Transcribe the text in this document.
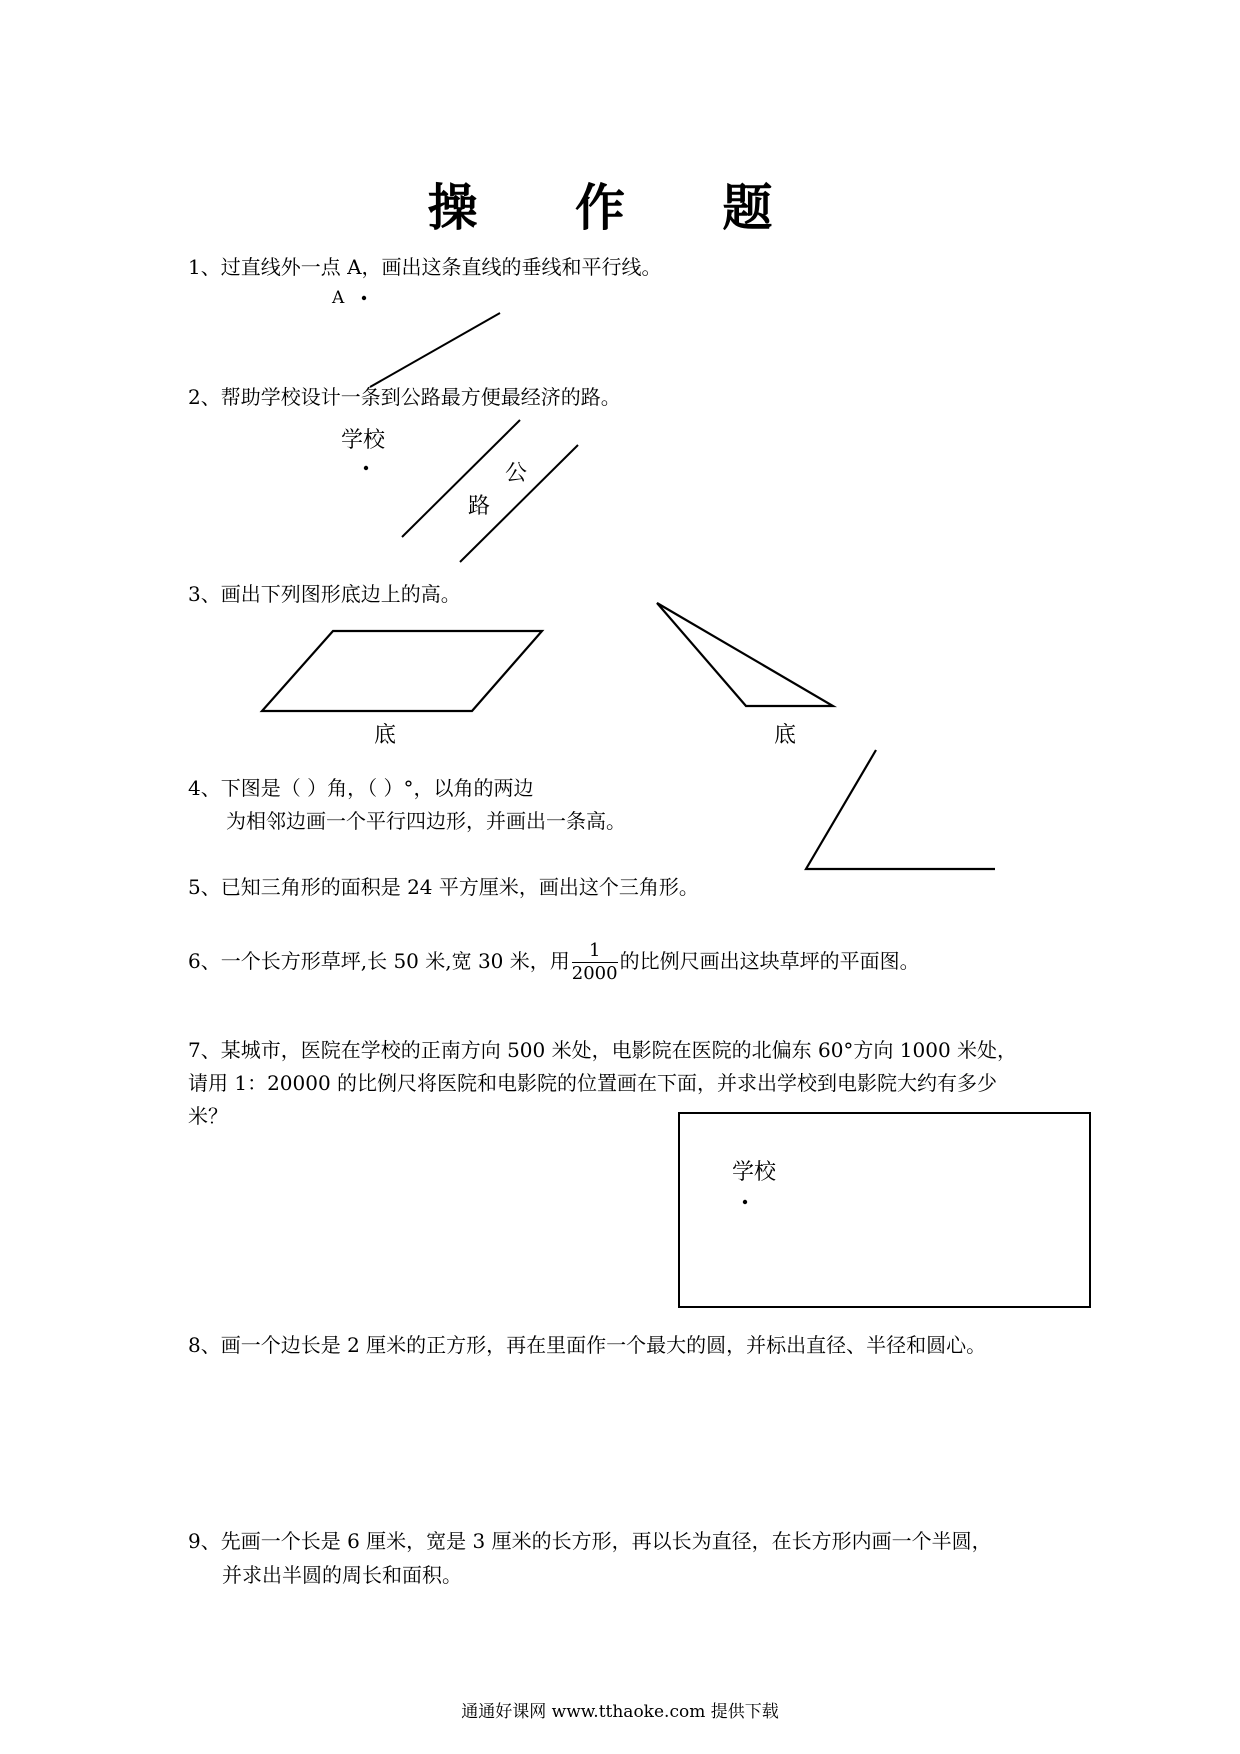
操 作 题
1、过直线外一点 A，画出这条直线的垂线和平行线。
A
2、帮助学校设计一条到公路最方便最经济的路。
学校
公
路
3、画出下列图形底边上的高。
底	底
4、下图是（ ）角，（ ）°，以角的两边
为相邻边画一个平行四边形，并画出一条高。
5、已知三角形的面积是 24 平方厘米，画出这个三角形。
6、一个长方形草坪,长 50 米,宽 30 米，用 $\frac{1}{2000}$ 的比例尺画出这块草坪的平面图。
7、某城市，医院在学校的正南方向 500 米处，电影院在医院的北偏东 60°方向 1000 米处，
请用 1：20000 的比例尺将医院和电影院的位置画在下面，并求出学校到电影院大约有多少
米？
学校
8、画一个边长是 2 厘米的正方形，再在里面作一个最大的圆，并标出直径、半径和圆心。
9、先画一个长是 6 厘米，宽是 3 厘米的长方形，再以长为直径，在长方形内画一个半圆，
并求出半圆的周长和面积。
通通好课网 www.tthaoke.com 提供下载
